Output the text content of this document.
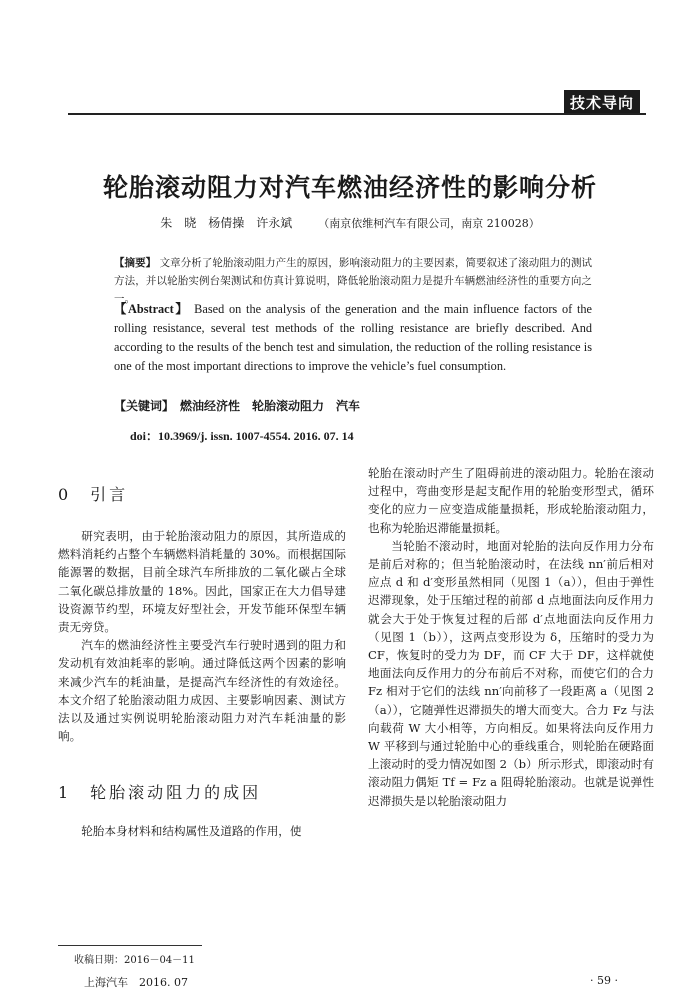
技术导向
轮胎滚动阻力对汽车燃油经济性的影响分析
朱　晓　杨倩操　许永斌 （南京依维柯汽车有限公司，南京 210028）
【摘要】 文章分析了轮胎滚动阻力产生的原因，影响滚动阻力的主要因素，简要叙述了滚动阻力的测试方法，并以轮胎实例台架测试和仿真计算说明，降低轮胎滚动阻力是提升车辆燃油经济性的重要方向之一。
【Abstract】 Based on the analysis of the generation and the main influence factors of the rolling resistance, several test methods of the rolling resistance are briefly described. And according to the results of the bench test and simulation, the reduction of the rolling resistance is one of the most important directions to improve the vehicle’s fuel consumption.
【关键词】 燃油经济性　轮胎滚动阻力　汽车
doi：10.3969/j. issn. 1007-4554. 2016. 07. 14
0　引言

研究表明，由于轮胎滚动阻力的原因，其所造成的燃料消耗约占整个车辆燃料消耗量的 30%。而根据国际能源署的数据，目前全球汽车所排放的二氧化碳占全球二氧化碳总排放量的 18%。因此，国家正在大力倡导建设资源节约型，环境友好型社会，开发节能环保型车辆责无旁贷。

汽车的燃油经济性主要受汽车行驶时遇到的阻力和发动机有效油耗率的影响。通过降低这两个因素的影响来减少汽车的耗油量，是提高汽车经济性的有效途径。本文介绍了轮胎滚动阻力成因、主要影响因素、测试方法以及通过实例说明轮胎滚动阻力对汽车耗油量的影响。

1　轮胎滚动阻力的成因

轮胎本身材料和结构属性及道路的作用，使

轮胎在滚动时产生了阻碍前进的滚动阻力。轮胎在滚动过程中，弯曲变形是起支配作用的轮胎变形型式，循环变化的应力－应变造成能量损耗，形成轮胎滚动阻力，也称为轮胎迟滞能量损耗。

当轮胎不滚动时，地面对轮胎的法向反作用力分布是前后对称的；但当轮胎滚动时，在法线 nn′前后相对应点 d 和 d′变形虽然相同（见图 1（a）），但由于弹性迟滞现象，处于压缩过程的前部 d 点地面法向反作用力就会大于处于恢复过程的后部 d′点地面法向反作用力（见图 1（b）），这两点变形设为 δ，压缩时的受力为 CF，恢复时的受力为 DF，而 CF 大于 DF，这样就使地面法向反作用力的分布前后不对称，而使它们的合力 Fz 相对于它们的法线 nn′向前移了一段距离 a（见图 2（a）），它随弹性迟滞损失的增大而变大。合力 Fz 与法向载荷 W 大小相等，方向相反。如果将法向反作用力 W 平移到与通过轮胎中心的垂线重合，则轮胎在硬路面上滚动时的受力情况如图 2（b）所示形式，即滚动时有滚动阻力偶矩 Tf = Fz a 阻碍轮胎滚动。也就是说弹性迟滞损失是以轮胎滚动阻力

收稿日期：2016－04－11
上海汽车　2016. 07	· 59 ·
